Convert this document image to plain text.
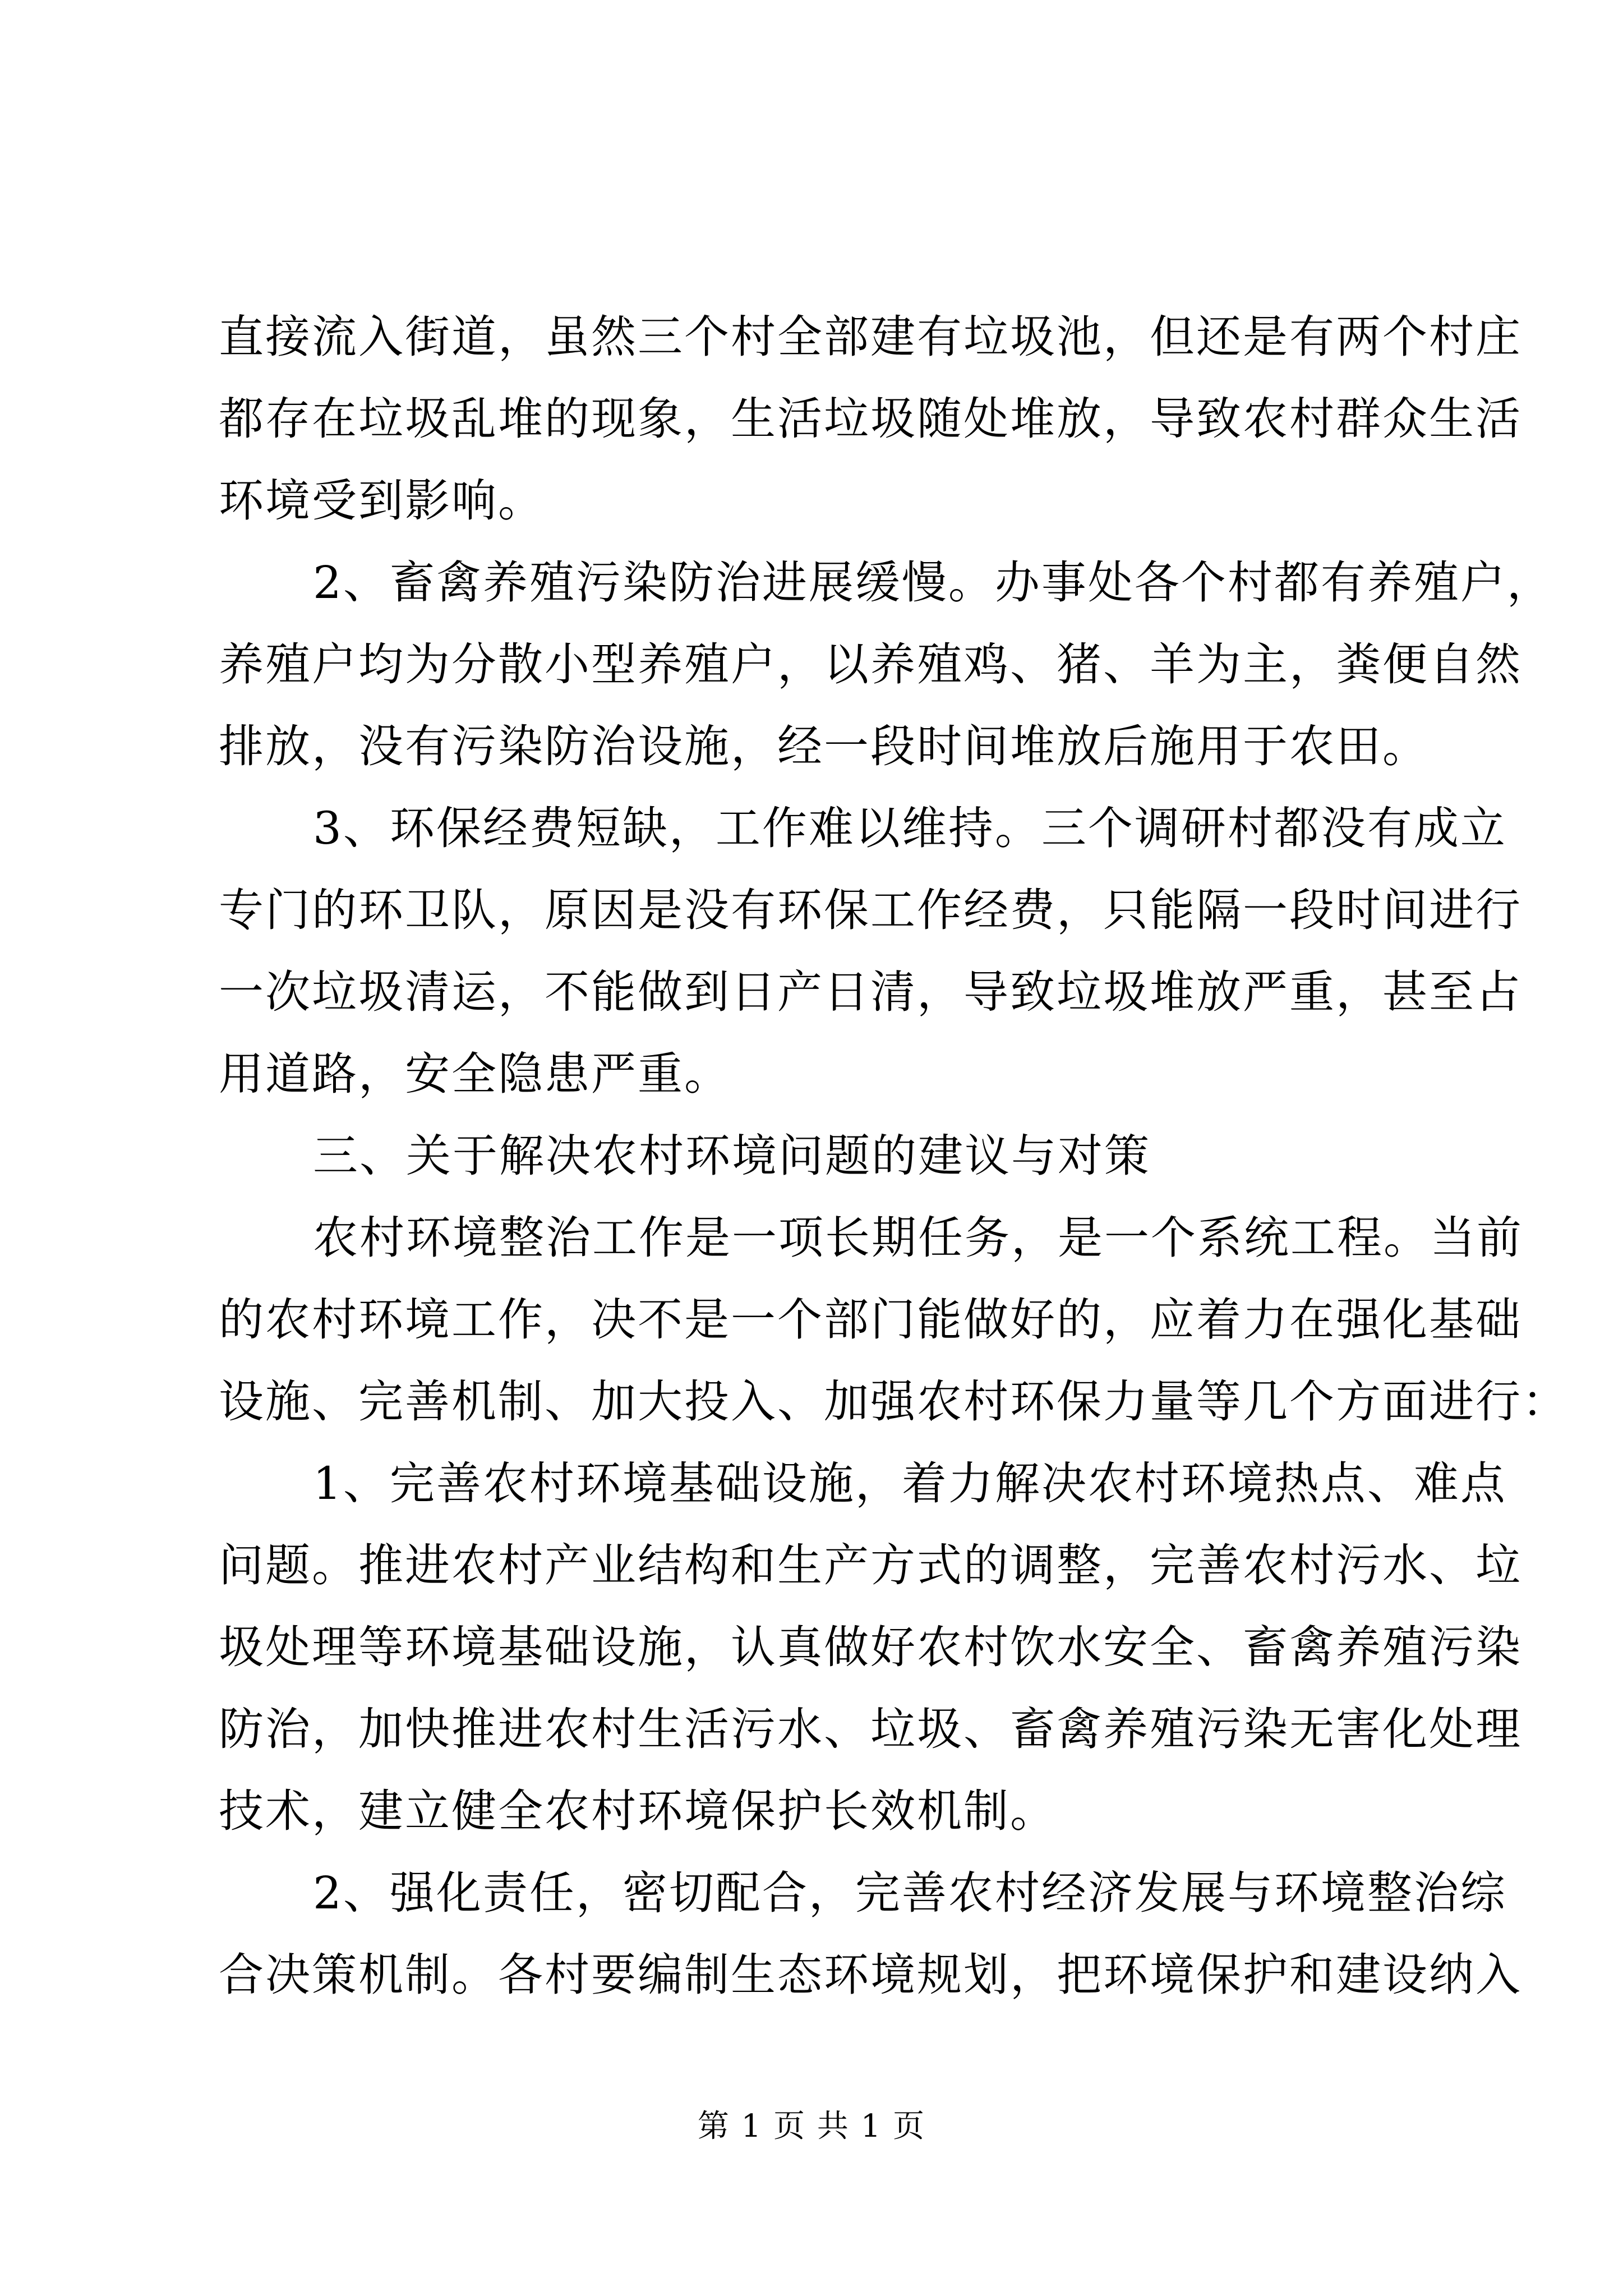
直接流入街道，虽然三个村全部建有垃圾池，但还是有两个村庄
都存在垃圾乱堆的现象，生活垃圾随处堆放，导致农村群众生活
环境受到影响。
2、畜禽养殖污染防治进展缓慢。办事处各个村都有养殖户，
养殖户均为分散小型养殖户，以养殖鸡、猪、羊为主，粪便自然
排放，没有污染防治设施，经一段时间堆放后施用于农田。
3、环保经费短缺，工作难以维持。三个调研村都没有成立
专门的环卫队，原因是没有环保工作经费，只能隔一段时间进行
一次垃圾清运，不能做到日产日清，导致垃圾堆放严重，甚至占
用道路，安全隐患严重。
三、关于解决农村环境问题的建议与对策
农村环境整治工作是一项长期任务，是一个系统工程。当前
的农村环境工作，决不是一个部门能做好的，应着力在强化基础
设施、完善机制、加大投入、加强农村环保力量等几个方面进行：
1、完善农村环境基础设施，着力解决农村环境热点、难点
问题。推进农村产业结构和生产方式的调整，完善农村污水、垃
圾处理等环境基础设施，认真做好农村饮水安全、畜禽养殖污染
防治，加快推进农村生活污水、垃圾、畜禽养殖污染无害化处理
技术，建立健全农村环境保护长效机制。
2、强化责任，密切配合，完善农村经济发展与环境整治综
合决策机制。各村要编制生态环境规划，把环境保护和建设纳入
第 1 页 共 1 页
